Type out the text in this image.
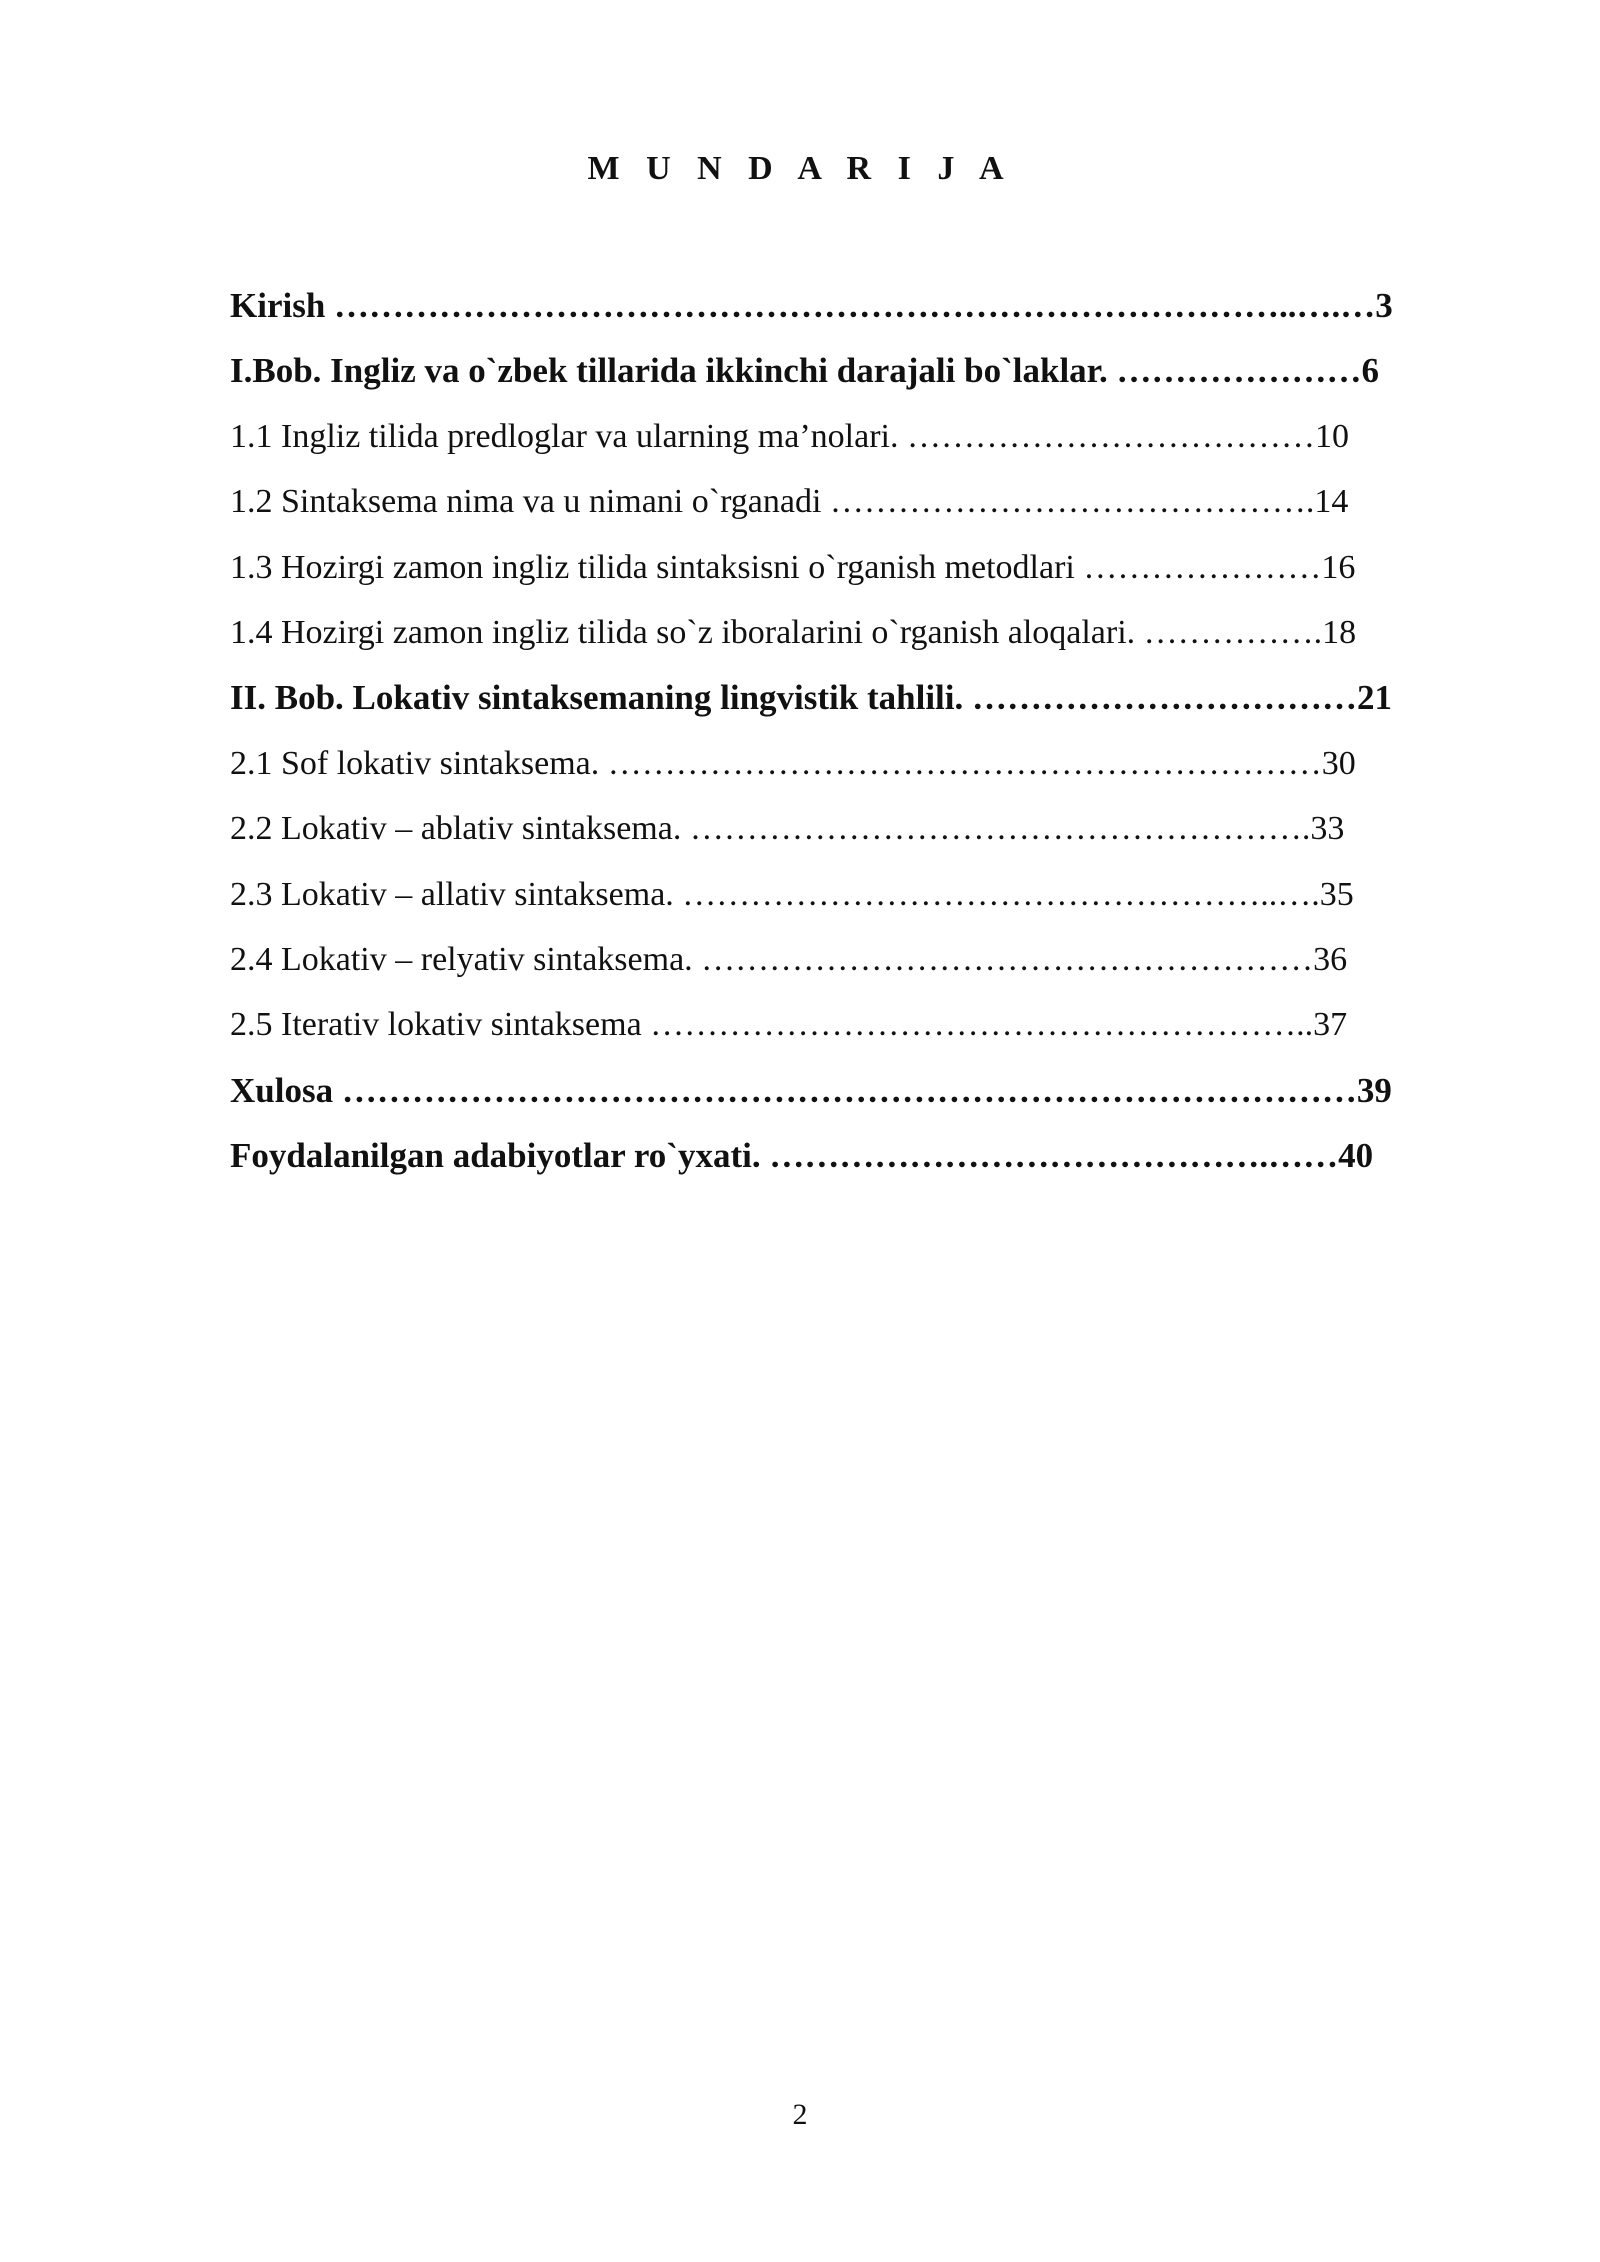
M U N D A R I J A
Kirish ………………………………………………………………………..….…3
I.Bob. Ingliz va o`zbek tillarida ikkinchi darajali bo`laklar. …………………6
1.1 Ingliz tilida predloglar va ularning ma’nolari. ………………………………10
1.2 Sintaksema nima va u nimani o`rganadi …………………………………….14
1.3 Hozirgi zamon ingliz tilida sintaksisni o`rganish metodlari …………………16
1.4 Hozirgi zamon ingliz tilida so`z iboralarini o`rganish aloqalari. …………….18
II. Bob. Lokativ sintaksemaning lingvistik tahlili. ……………………………21
2.1 Sof lokativ sintaksema. ………………………………………………………30
2.2 Lokativ – ablativ sintaksema. ……………………………………………….33
2.3 Lokativ – allativ sintaksema. ……………………………………………..….35
2.4 Lokativ – relyativ sintaksema. ………………………………………………36
2.5 Iterativ lokativ sintaksema …………………………………………………..37
Xulosa ……………………………………………………………………………39
Foydalanilgan adabiyotlar ro`yxati. …………………………………….……40
2
